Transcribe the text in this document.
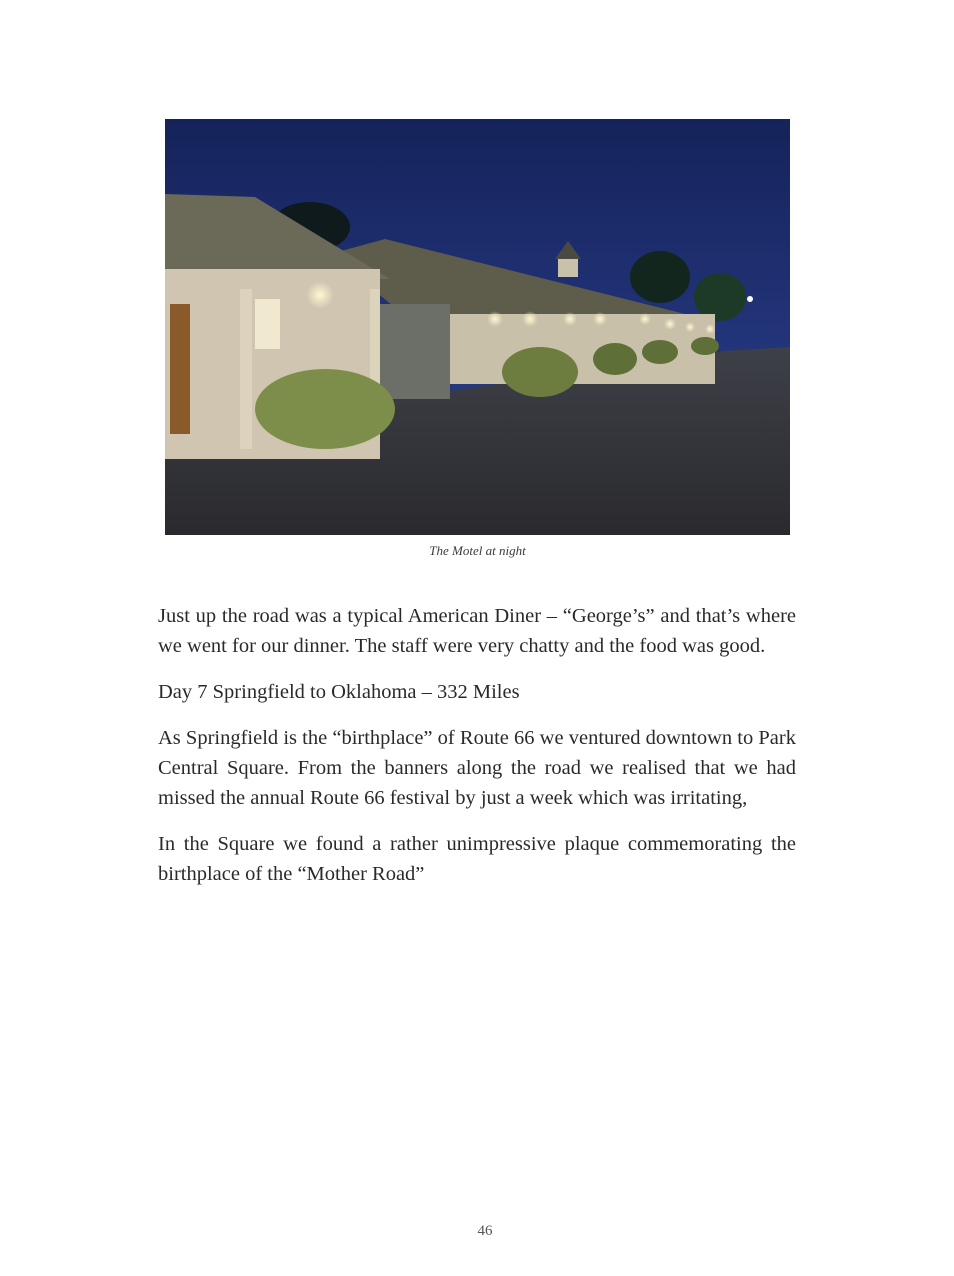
The Motel at night

Just up the road was a typical American Diner – “George’s” and that’s where we went for our dinner. The staff were very chatty and the food was good.

Day 7 Springfield to Oklahoma – 332 Miles

As Springfield is the “birthplace” of Route 66 we ventured downtown to Park Central Square. From the banners along the road we realised that we had missed the annual Route 66 festival by just a week which was irritating,

In the Square we found a rather unimpressive plaque commemorating the birthplace of the “Mother Road”

46
